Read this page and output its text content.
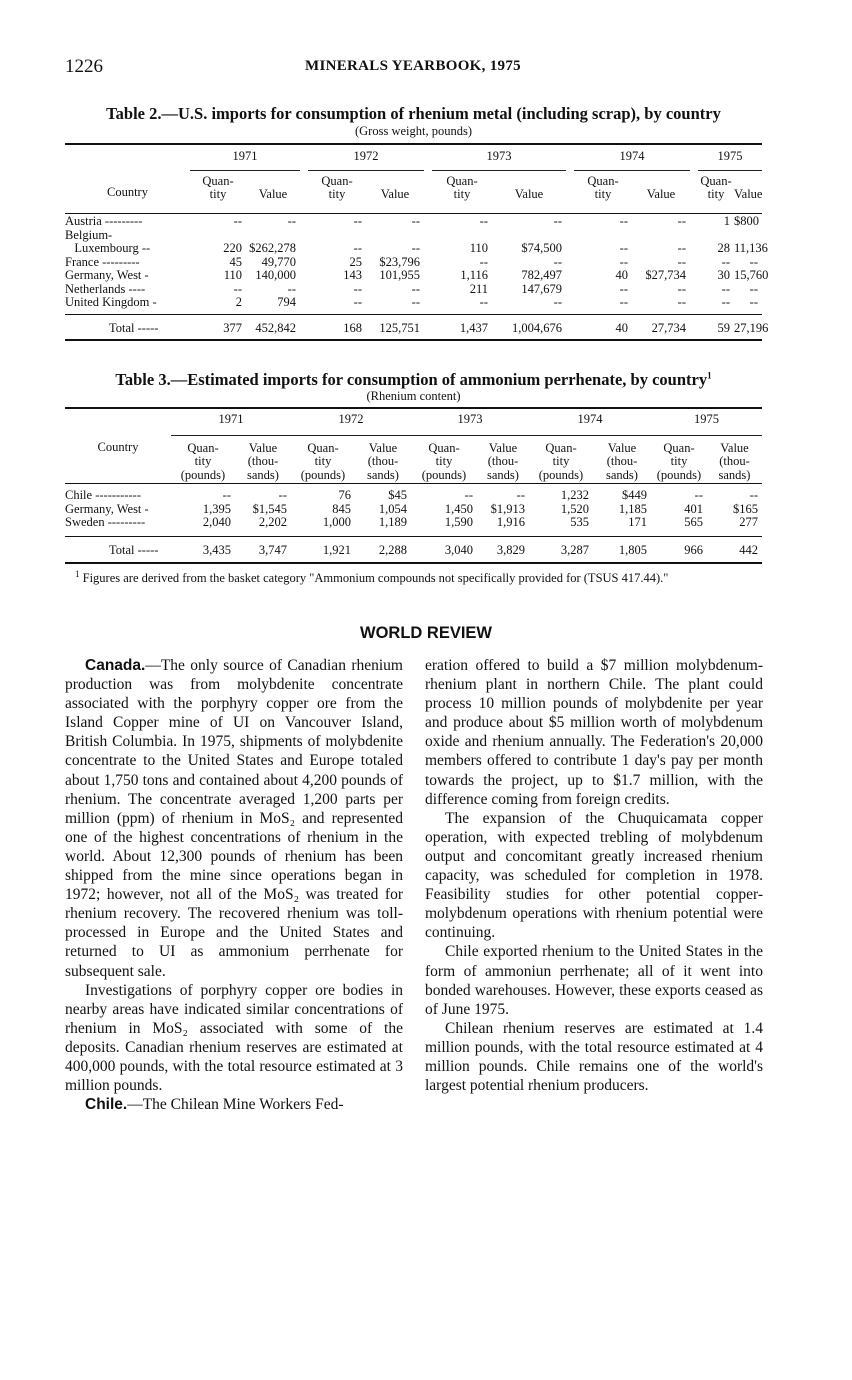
1226	MINERALS YEARBOOK, 1975
Table 2.—U.S. imports for consumption of rhenium metal (including scrap), by country
(Gross weight, pounds)
	1971			1972			1973			1974			1975	
Country	Quan-
tity	Value		Quan-
tity	Value		Quan-
tity	Value		Quan-
tity	Value		Quan-
tity	Value

Austria ---------	--	--		--	--		--	--		--	--		1	$800
Belgium-														
Luxembourg --	220	$262,278		--	--		110	$74,500		--	--		28	11,136
France ---------	45	49,770		25	$23,796		--	--		--	--		--	--
Germany, West -	110	140,000		143	101,955		1,116	782,497		40	$27,734		30	15,760
Netherlands ----	--	--		--	--		211	147,679		--	--		--	--
United Kingdom -	2	794		--	--		--	--		--	--		--	--

Total -----	377	452,842		168	125,751		1,437	1,004,676		40	27,734		59	27,196
Table 3.—Estimated imports for consumption of ammonium perrhenate, by country$^1$
(Rhenium content)
	1971		1972		1973		1974		1975	
Country	Quan-
tity
(pounds)	Value
(thou-
sands)	Quan-
tity
(pounds)	Value
(thou-
sands)	Quan-
tity
(pounds)	Value
(thou-
sands)	Quan-
tity
(pounds)	Value
(thou-
sands)	Quan-
tity
(pounds)	Value
(thou-
sands)

Chile -----------	--	--	76	$45	--	--	1,232	$449	--	--
Germany, West -	1,395	$1,545	845	1,054	1,450	$1,913	1,520	1,185	401	$165
Sweden ---------	2,040	2,202	1,000	1,189	1,590	1,916	535	171	565	277

Total -----	3,435	3,747	1,921	2,288	3,040	3,829	3,287	1,805	966	442
$^1$ Figures are derived from the basket category "Ammonium compounds not specifically provided for (TSUS 417.44)."
WORLD REVIEW

Canada.—The only source of Canadian rhenium production was from molybdenite concentrate associated with the porphyry copper ore from the Island Copper mine of UI on Vancouver Island, British Columbia. In 1975, shipments of molybdenite concentrate to the United States and Europe totaled about 1,750 tons and contained about 4,200 pounds of rhenium. The concentrate averaged 1,200 parts per million (ppm) of rhenium in MoS₂ and represented one of the highest concentrations of rhenium in the world. About 12,300 pounds of rhenium has been shipped from the mine since operations began in 1972; however, not all of the MoS₂ was treated for rhenium recovery. The recovered rhenium was toll-processed in Europe and the United States and returned to UI as ammonium perrhenate for subsequent sale.

Investigations of porphyry copper ore bodies in nearby areas have indicated similar concentrations of rhenium in MoS₂ associated with some of the deposits. Canadian rhenium reserves are estimated at 400,000 pounds, with the total resource estimated at 3 million pounds.

Chile.—The Chilean Mine Workers Fed-

eration offered to build a $7 million molybdenum-rhenium plant in northern Chile. The plant could process 10 million pounds of molybdenite per year and produce about $5 million worth of molybdenum oxide and rhenium annually. The Federation's 20,000 members offered to contribute 1 day's pay per month towards the project, up to $1.7 million, with the difference coming from foreign credits.

The expansion of the Chuquicamata copper operation, with expected trebling of molybdenum output and concomitant greatly increased rhenium capacity, was scheduled for completion in 1978. Feasibility studies for other potential copper-molybdenum operations with rhenium potential were continuing.

Chile exported rhenium to the United States in the form of ammoniun perrhenate; all of it went into bonded warehouses. However, these exports ceased as of June 1975.

Chilean rhenium reserves are estimated at 1.4 million pounds, with the total resource estimated at 4 million pounds. Chile remains one of the world's largest potential rhenium producers.
